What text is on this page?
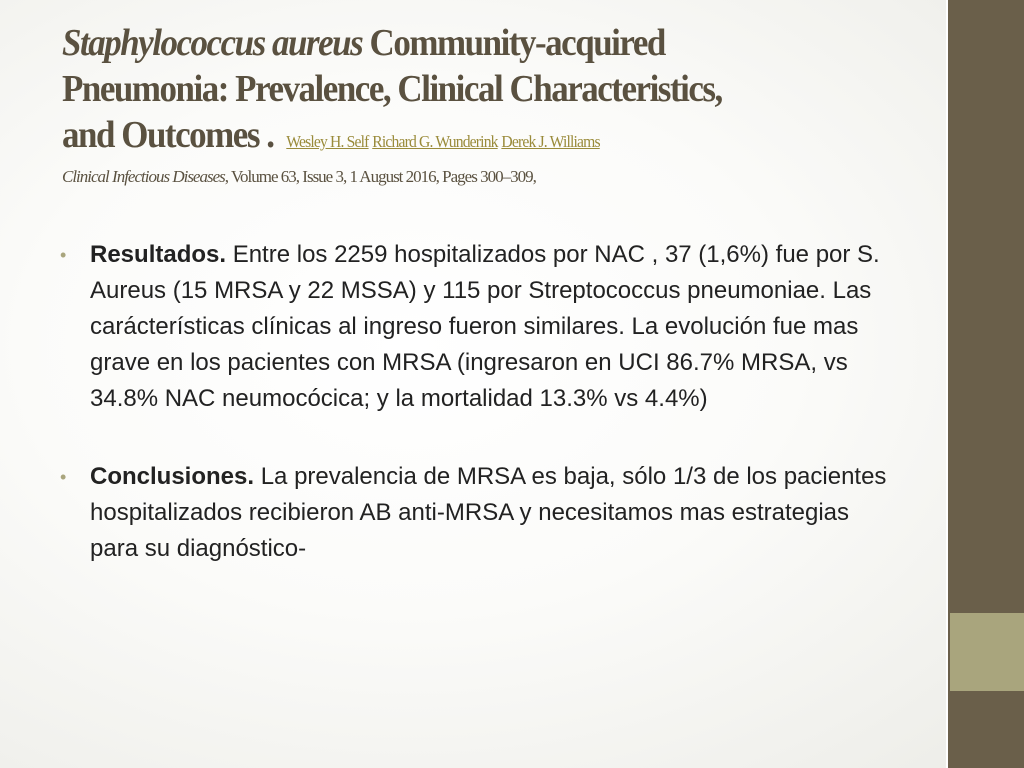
Staphylococcus aureus Community-acquired
Pneumonia: Prevalence, Clinical Characteristics,
and Outcomes . Wesley H. Self Richard G. Wunderink Derek J. Williams
Clinical Infectious Diseases, Volume 63, Issue 3, 1 August 2016, Pages 300–309,
• Resultados. Entre los 2259 hospitalizados por NAC , 37 (1,6%) fue por S. Aureus (15 MRSA y 22 MSSA) y 115 por Streptococcus pneumoniae. Las carácterísticas clínicas al ingreso fueron similares. La evolución fue mas grave en los pacientes con MRSA (ingresaron en UCI 86.7% MRSA, vs 34.8% NAC neumocócica; y la mortalidad 13.3% vs 4.4%)
• Conclusiones. La prevalencia de MRSA es baja, sólo 1/3 de los pacientes hospitalizados recibieron AB anti-MRSA y necesitamos mas estrategias para su diagnóstico-
